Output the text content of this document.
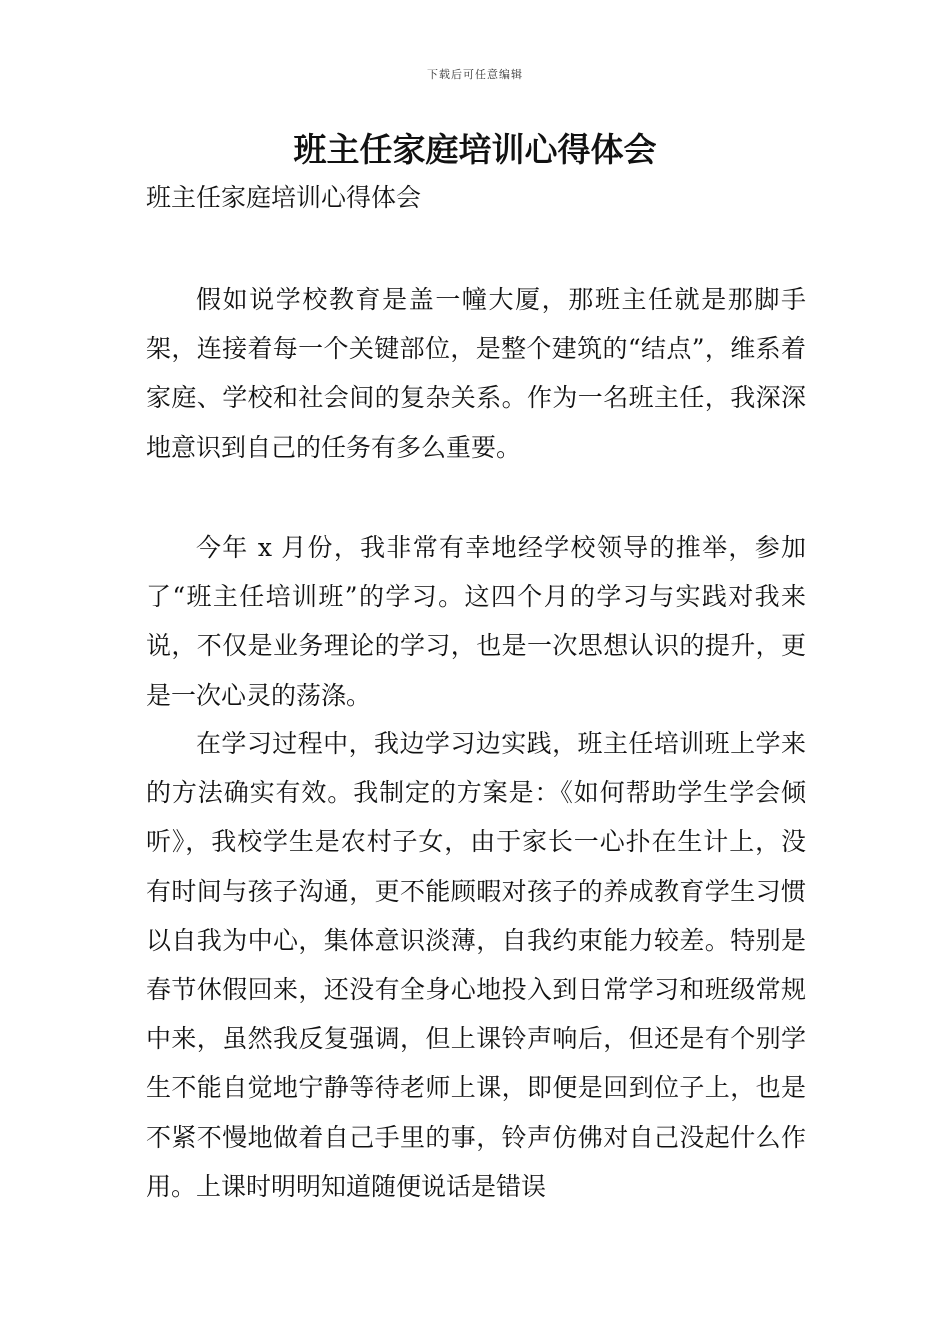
下载后可任意编辑
班主任家庭培训心得体会

班主任家庭培训心得体会

假如说学校教育是盖一幢大厦，那班主任就是那脚手架，连接着每一个关键部位，是整个建筑的“结点”，维系着家庭、学校和社会间的复杂关系。作为一名班主任，我深深地意识到自己的任务有多么重要。

今年 x 月份，我非常有幸地经学校领导的推举，参加了“班主任培训班”的学习。这四个月的学习与实践对我来说，不仅是业务理论的学习，也是一次思想认识的提升，更是一次心灵的荡涤。

在学习过程中，我边学习边实践，班主任培训班上学来的方法确实有效。我制定的方案是：《如何帮助学生学会倾听》，我校学生是农村子女，由于家长一心扑在生计上，没有时间与孩子沟通，更不能顾暇对孩子的养成教育学生习惯以自我为中心，集体意识淡薄，自我约束能力较差。特别是春节休假回来，还没有全身心地投入到日常学习和班级常规中来，虽然我反复强调，但上课铃声响后，但还是有个别学生不能自觉地宁静等待老师上课，即便是回到位子上，也是不紧不慢地做着自己手里的事，铃声仿佛对自己没起什么作用。上课时明明知道随便说话是错误
